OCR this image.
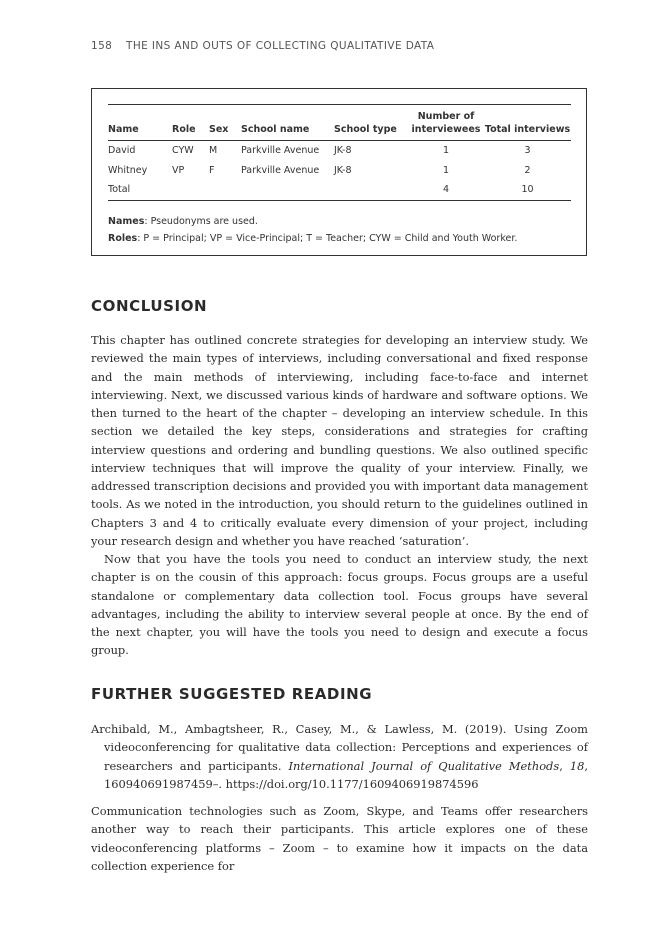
158 THE INS AND OUTS OF COLLECTING QUALITATIVE DATA
Name	Role	Sex	School name	School type	Number of interviewees	Total interviews
David	CYW	M	Parkville Avenue	JK-8	1	3
Whitney	VP	F	Parkville Avenue	JK-8	1	2
Total					4	10
Names: Pseudonyms are used.
Roles: P = Principal; VP = Vice-Principal; T = Teacher; CYW = Child and Youth Worker.
CONCLUSION

This chapter has outlined concrete strategies for developing an interview study. We reviewed the main types of interviews, including conversational and fixed response and the main methods of interviewing, including face-to-face and internet interviewing. Next, we discussed various kinds of hardware and software options. We then turned to the heart of the chapter – developing an interview schedule. In this section we detailed the key steps, considerations and strategies for crafting interview questions and ordering and bundling questions. We also outlined specific interview techniques that will improve the quality of your interview. Finally, we addressed transcription decisions and provided you with important data management tools. As we noted in the introduction, you should return to the guidelines outlined in Chapters 3 and 4 to critically evaluate every dimension of your project, including your research design and whether you have reached ‘saturation’.

Now that you have the tools you need to conduct an interview study, the next chapter is on the cousin of this approach: focus groups. Focus groups are a useful standalone or complementary data collection tool. Focus groups have several advantages, including the ability to interview several people at once. By the end of the next chapter, you will have the tools you need to design and execute a focus group.

FURTHER SUGGESTED READING
Archibald, M., Ambagtsheer, R., Casey, M., & Lawless, M. (2019). Using Zoom videoconferencing for qualitative data collection: Perceptions and experiences of researchers and participants. International Journal of Qualitative Methods, 18, 160940691987459–. https://doi.org/10.1177/1609406919874596
Communication technologies such as Zoom, Skype, and Teams offer researchers another way to reach their participants. This article explores one of these videoconferencing platforms – Zoom – to examine how it impacts on the data collection experience for
